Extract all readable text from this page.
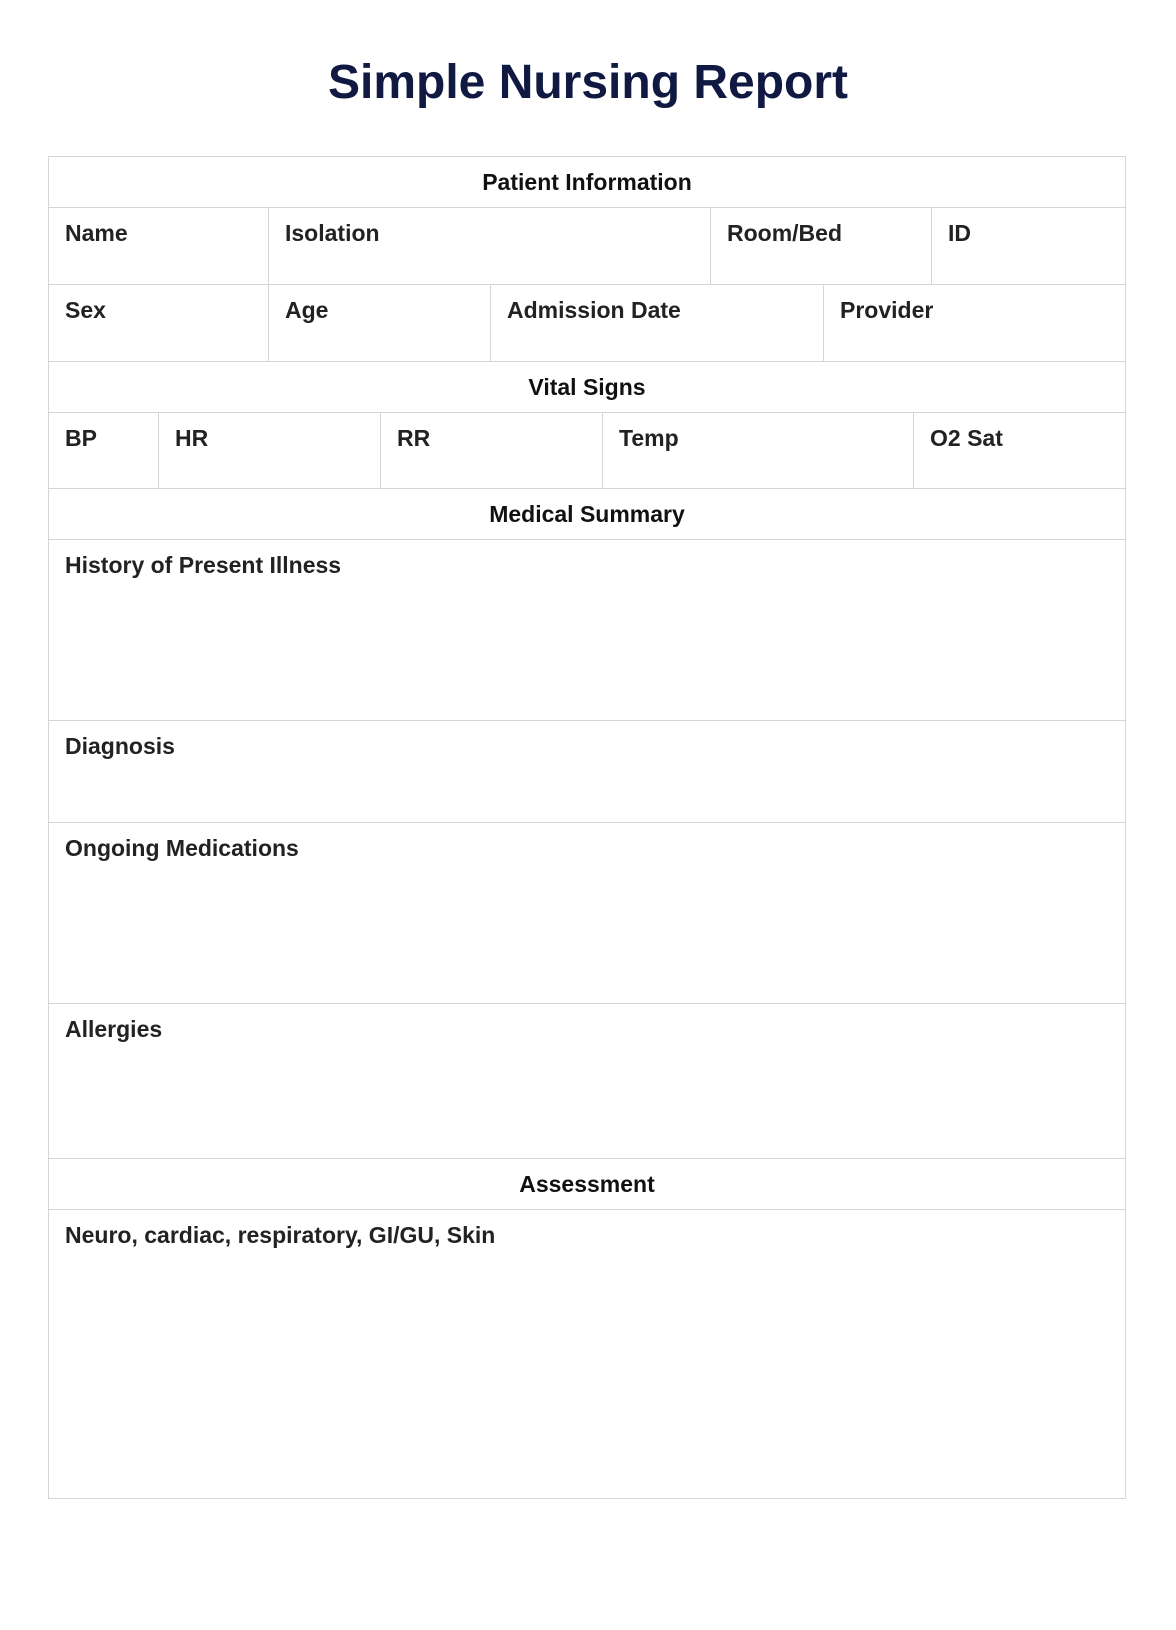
Simple Nursing Report
Patient Information
Name	Isolation	Room/Bed	ID
Sex	Age	Admission Date	Provider
Vital Signs
BP	HR	RR	Temp	O2 Sat
Medical Summary
History of Present Illness
Diagnosis
Ongoing Medications
Allergies
Assessment
Neuro, cardiac, respiratory, GI/GU, Skin
